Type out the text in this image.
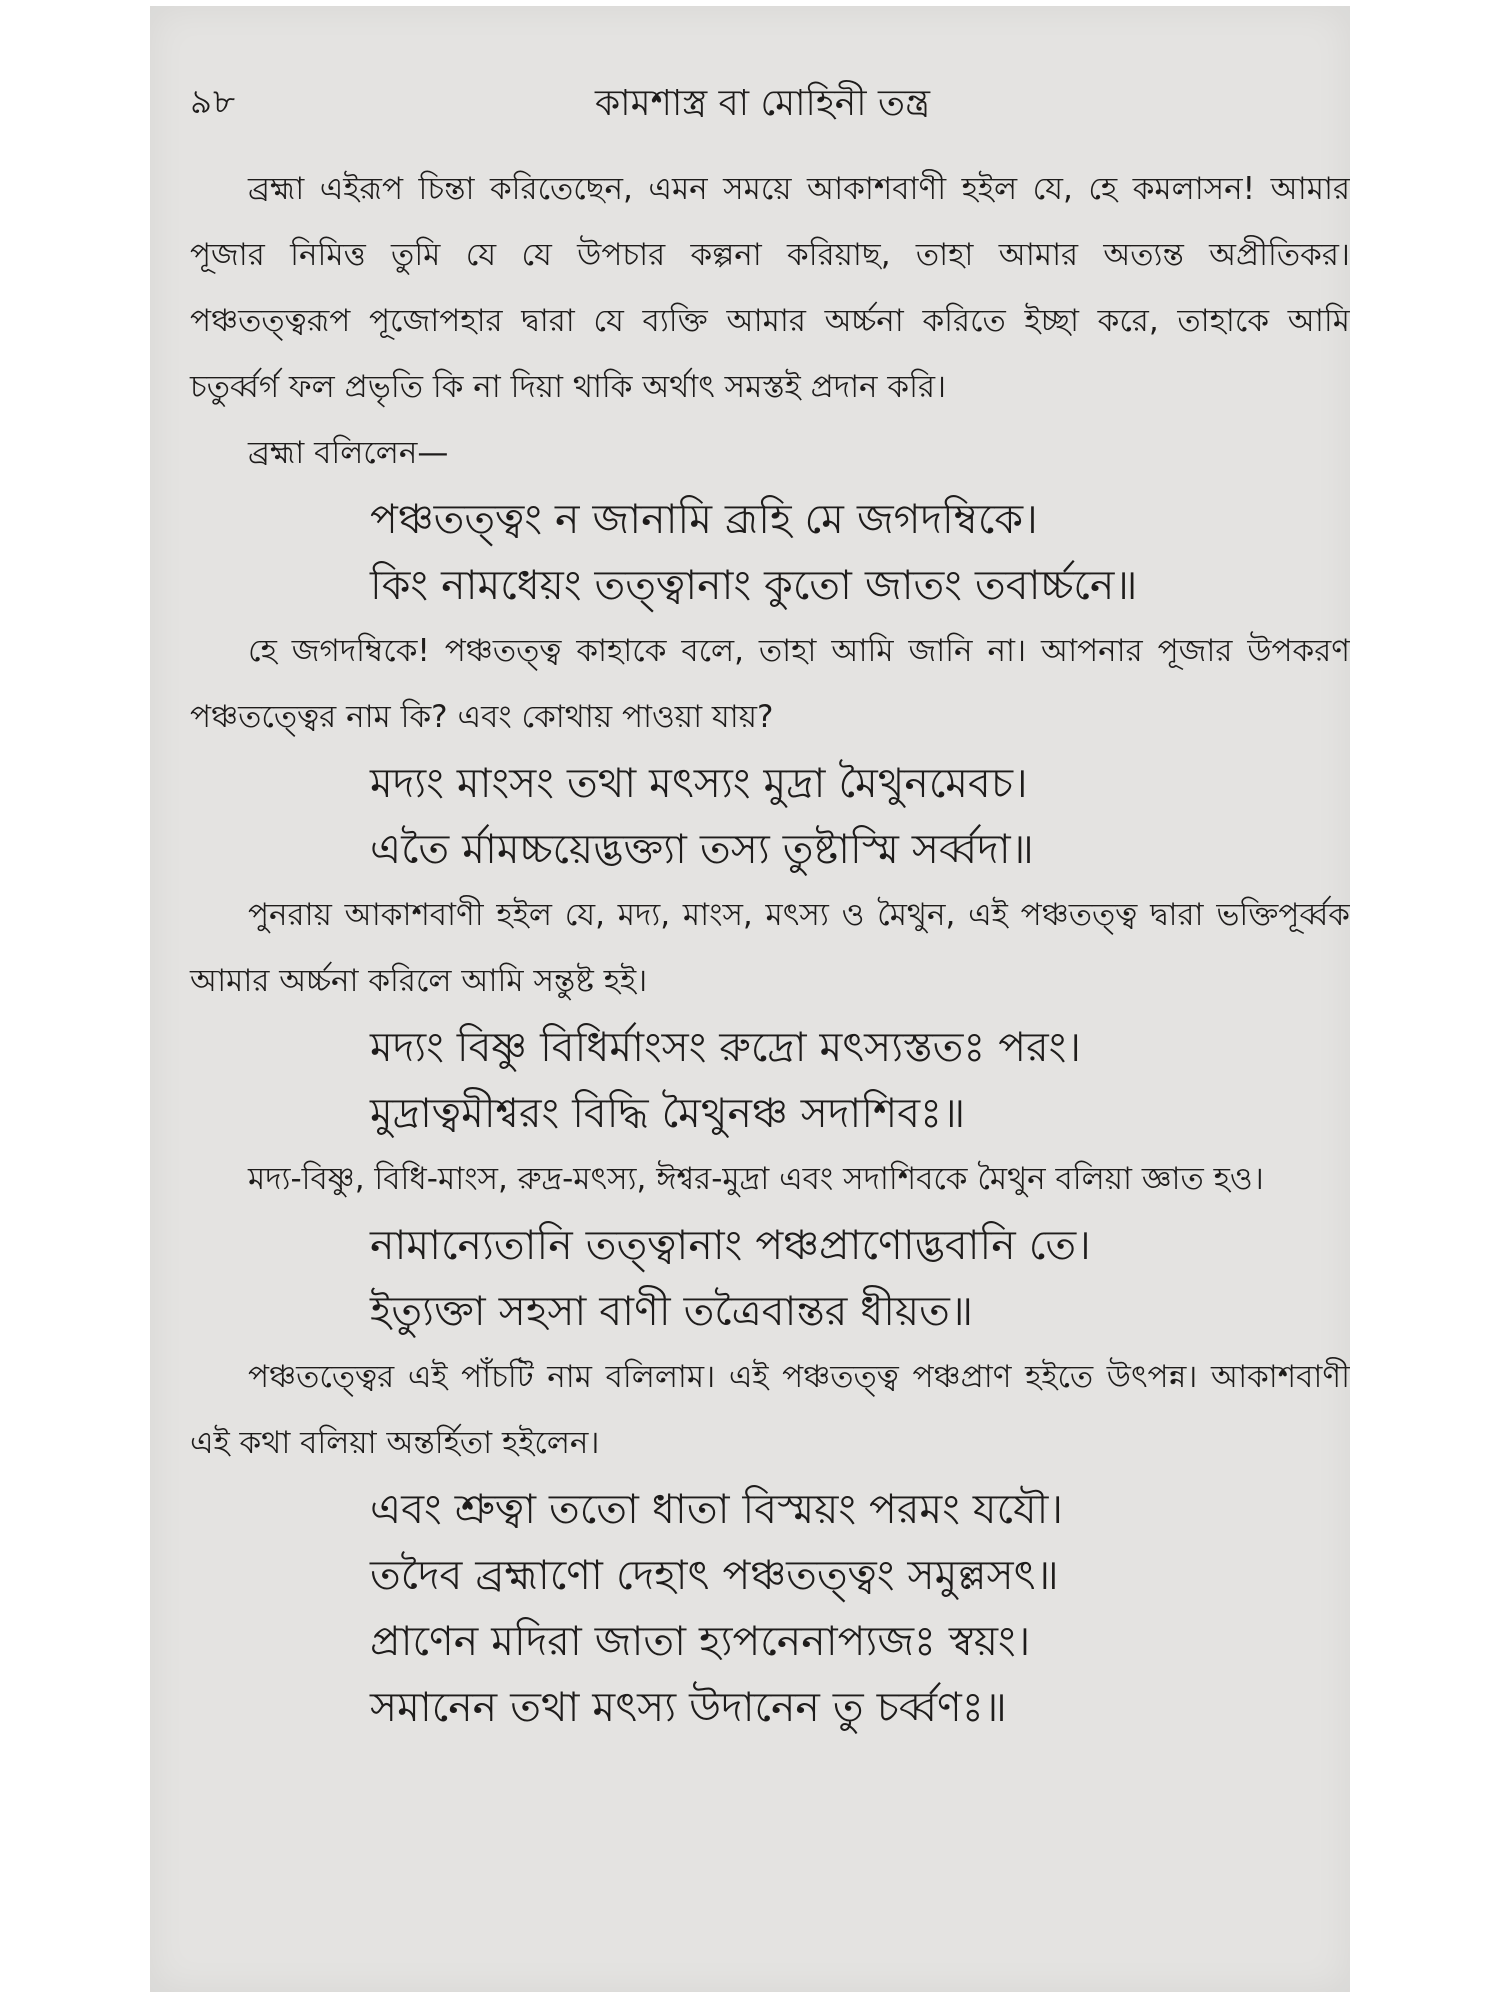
৯৮	কামশাস্ত্র বা মোহিনী তন্ত্র

ব্রহ্মা এইরূপ চিন্তা করিতেছেন, এমন সময়ে আকাশবাণী হইল যে, হে কমলাসন! আমার পূজার নিমিত্ত তুমি যে যে উপচার কল্পনা করিয়াছ, তাহা আমার অত্যন্ত অপ্রীতিকর। পঞ্চতত্ত্বরূপ পূজোপহার দ্বারা যে ব্যক্তি আমার অর্চ্চনা করিতে ইচ্ছা করে, তাহাকে আমি চতুর্ব্বর্গ ফল প্রভৃতি কি না দিয়া থাকি অর্থাৎ সমস্তই প্রদান করি।

ব্রহ্মা বলিলেন—

পঞ্চতত্ত্বং ন জানামি ব্রূহি মে জগদম্বিকে।

কিং নামধেয়ং তত্ত্বানাং কুতো জাতং তবার্চ্চনে॥

হে জগদম্বিকে! পঞ্চতত্ত্ব কাহাকে বলে, তাহা আমি জানি না। আপনার পূজার উপকরণ পঞ্চতত্ত্বের নাম কি? এবং কোথায় পাওয়া যায়?

মদ্যং মাংসং তথা মৎস্যং মুদ্রা মৈথুনমেবচ।

এতৈ র্মামচ্চয়েদ্ভক্ত্যা তস্য তুষ্টাস্মি সর্ব্বদা॥

পুনরায় আকাশবাণী হইল যে, মদ্য, মাংস, মৎস্য ও মৈথুন, এই পঞ্চতত্ত্ব দ্বারা ভক্তিপূর্ব্বক আমার অর্চ্চনা করিলে আমি সন্তুষ্ট হই।

মদ্যং বিষ্ণু বিধির্মাংসং রুদ্রো মৎস্যস্ততঃ পরং।

মুদ্রাত্বমীশ্বরং বিদ্ধি মৈথুনঞ্চ সদাশিবঃ॥

মদ্য-বিষ্ণু, বিধি-মাংস, রুদ্র-মৎস্য, ঈশ্বর-মুদ্রা এবং সদাশিবকে মৈথুন বলিয়া জ্ঞাত হও।

নামান্যেতানি তত্ত্বানাং পঞ্চপ্রাণোদ্ভবানি তে।

ইত্যুক্তা সহসা বাণী তত্রৈবান্তর ধীয়ত॥

পঞ্চতত্ত্বের এই পাঁচটি নাম বলিলাম। এই পঞ্চতত্ত্ব পঞ্চপ্রাণ হইতে উৎপন্ন। আকাশবাণী এই কথা বলিয়া অন্তর্হিতা হইলেন।

এবং শ্রুত্বা ততো ধাতা বিস্ময়ং পরমং যযৌ।

তদৈব ব্রহ্মাণো দেহাৎ পঞ্চতত্ত্বং সমুল্লসৎ॥

প্রাণেন মদিরা জাতা হ্যপনেনাপ্যজঃ স্বয়ং।

সমানেন তথা মৎস্য উদানেন তু চর্ব্বণঃ॥
